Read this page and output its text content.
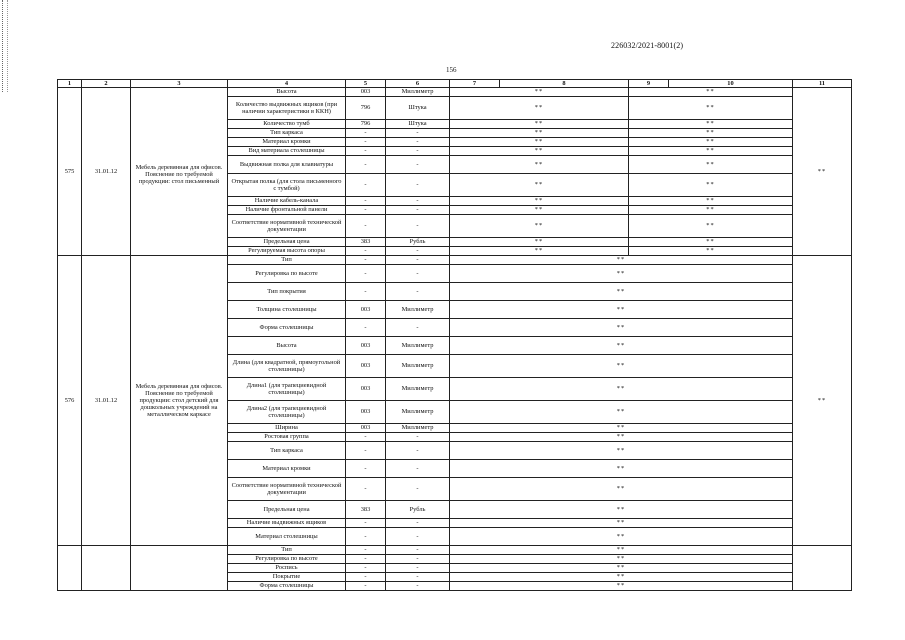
226032/2021-8001(2)
156
1	2	3	4	5	6	7	8	9	10	11
575	31.01.12	Мебель деревянная для офисов. Пояснение по требуемой продукции: стол письменный	Высота	003	Миллиметр	**		**		**
			Количество выдвижных ящиков (при наличии характеристики в ККН)	796	Штука	**		**		
			Количество тумб	796	Штука	**		**		
			Тип каркаса	-	-	**		**		
			Материал кромки	-	-	**		**		
			Вид материала столешницы	-	-	**		**		
			Выдвижная полка для клавиатуры	-	-	**		**		
			Открытая полка (для стола письменного с тумбой)	-	-	**		**		
			Наличие кабель-канала	-	-	**		**		
			Наличие фронтальной панели	-	-	**		**		
			Соответствие нормативной технической документации	-	-	**		**		
			Предельная цена	383	Рубль	**		**		
			Регулируемая высота опоры	-	-	**		**		
576	31.01.12	Мебель деревянная для офисов. Пояснение по требуемой продукции: стол детский для дошкольных учреждений на металлическом каркасе	Тип	-	-	**				**
			Регулировка по высоте	-	-	**				
			Тип покрытия	-	-	**				
			Толщина столешницы	003	Миллиметр	**				
			Форма столешницы	-	-	**				
			Высота	003	Миллиметр	**				
			Длина (для квадратной, прямоугольной столешницы)	003	Миллиметр	**				
			Длина1 (для трапециевидной столешницы)	003	Миллиметр	**				
			Длина2 (для трапециевидной столешницы)	003	Миллиметр	**				
			Ширина	003	Миллиметр	**				
			Ростовая группа	-	-	**				
			Тип каркаса	-	-	**				
			Материал кромки	-	-	**				
			Соответствие нормативной технической документации	-	-	**				
			Предельная цена	383	Рубль	**				
			Наличие выдвижных ящиков	-	-	**				
			Материал столешницы	-	-	**				
			Тип	-	-	**				
			Регулировка по высоте	-	-	**				
			Роспись	-	-	**				
			Покрытие	-	-	**				
			Форма столешницы	-	-	**				
